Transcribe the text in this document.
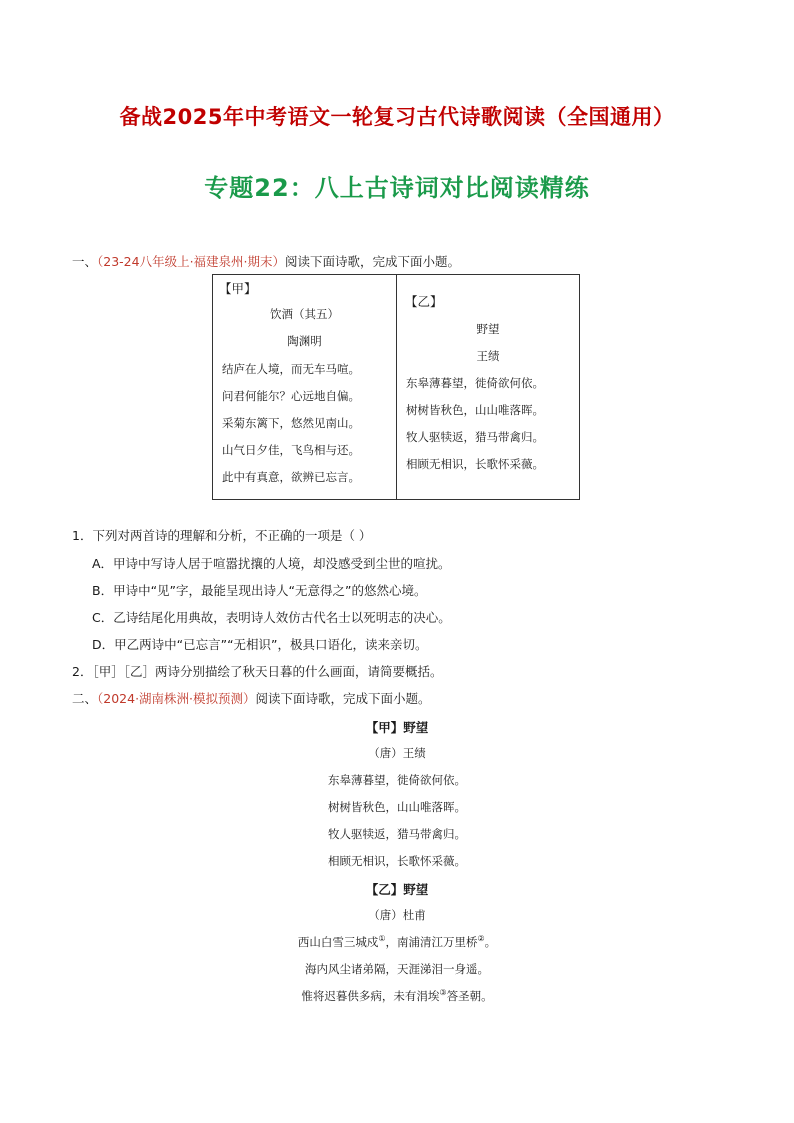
备战2025年中考语文一轮复习古代诗歌阅读（全国通用）
专题22：八上古诗词对比阅读精练
一、（23-24八年级上·福建泉州·期末）阅读下面诗歌，完成下面小题。
【甲】
饮酒（其五）
陶渊明
结庐在人境，而无车马喧。
问君何能尔？心远地自偏。
采菊东篱下，悠然见南山。
山气日夕佳，飞鸟相与还。
此中有真意，欲辨已忘言。
【乙】
野望
王绩
东皋薄暮望，徙倚欲何依。
树树皆秋色，山山唯落晖。
牧人驱犊返，猎马带禽归。
相顾无相识，长歌怀采薇。
1．下列对两首诗的理解和分析，不正确的一项是（ ）
A．甲诗中写诗人居于喧嚣扰攘的人境，却没感受到尘世的喧扰。
B．甲诗中“见”字，最能呈现出诗人“无意得之”的悠然心境。
C．乙诗结尾化用典故，表明诗人效仿古代名士以死明志的决心。
D．甲乙两诗中“已忘言”“无相识”，极具口语化，读来亲切。
2．［甲］［乙］两诗分别描绘了秋天日暮的什么画面，请简要概括。
二、（2024·湖南株洲·模拟预测）阅读下面诗歌，完成下面小题。
【甲】野望
（唐）王绩
东皋薄暮望，徙倚欲何依。
树树皆秋色，山山唯落晖。
牧人驱犊返，猎马带禽归。
相顾无相识，长歌怀采薇。
【乙】野望
（唐）杜甫
西山白雪三城戍①，南浦清江万里桥②。
海内风尘诸弟隔，天涯涕泪一身遥。
惟将迟暮供多病，未有涓埃③答圣朝。
